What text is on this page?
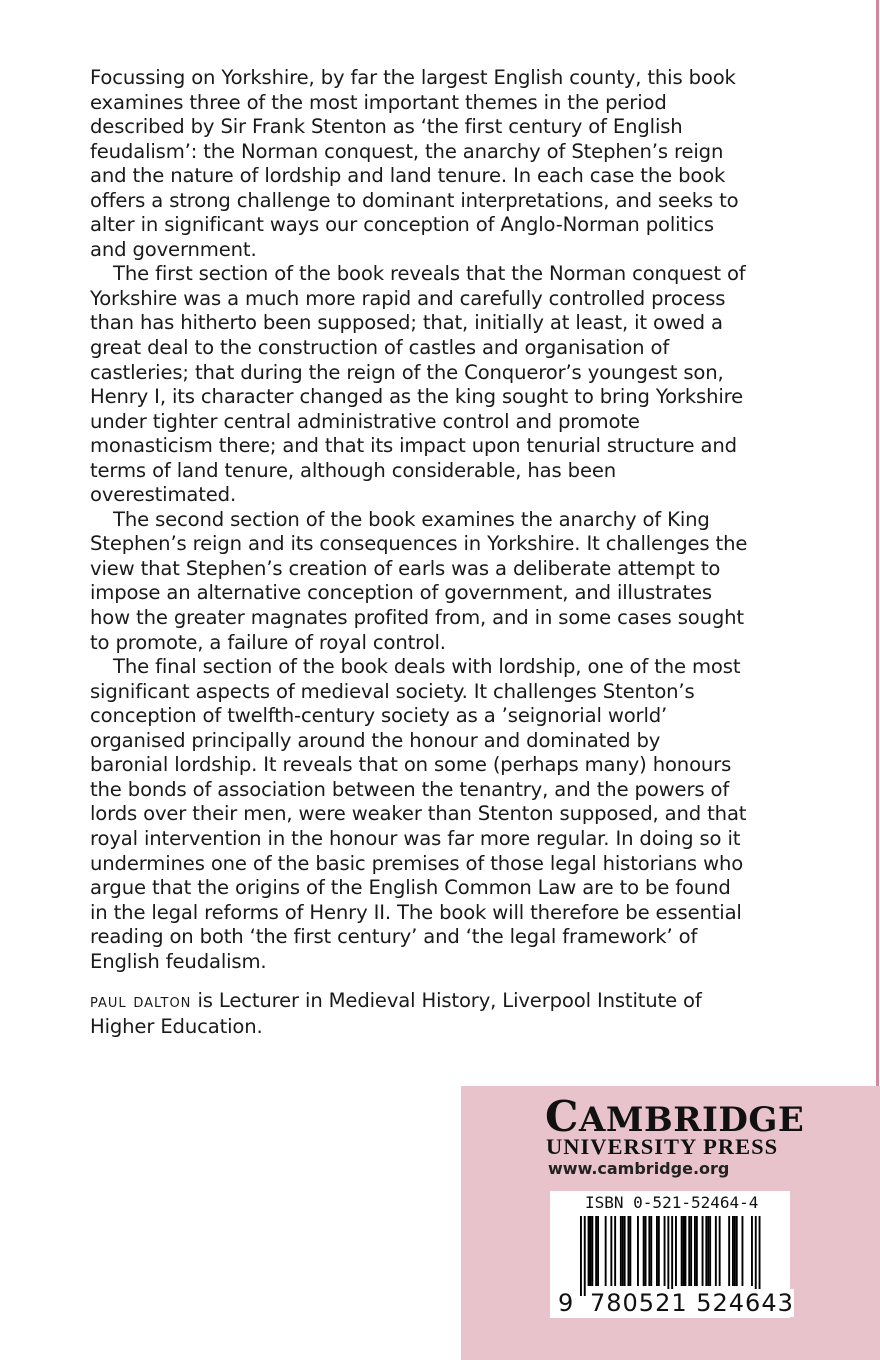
Focussing on Yorkshire, by far the largest English county, this book
examines three of the most important themes in the period
described by Sir Frank Stenton as ‘the first century of English
feudalism’: the Norman conquest, the anarchy of Stephen’s reign
and the nature of lordship and land tenure. In each case the book
offers a strong challenge to dominant interpretations, and seeks to
alter in significant ways our conception of Anglo-Norman politics
and government.
The first section of the book reveals that the Norman conquest of
Yorkshire was a much more rapid and carefully controlled process
than has hitherto been supposed; that, initially at least, it owed a
great deal to the construction of castles and organisation of
castleries; that during the reign of the Conqueror’s youngest son,
Henry I, its character changed as the king sought to bring Yorkshire
under tighter central administrative control and promote
monasticism there; and that its impact upon tenurial structure and
terms of land tenure, although considerable, has been
overestimated.
The second section of the book examines the anarchy of King
Stephen’s reign and its consequences in Yorkshire. It challenges the
view that Stephen’s creation of earls was a deliberate attempt to
impose an alternative conception of government, and illustrates
how the greater magnates profited from, and in some cases sought
to promote, a failure of royal control.
The final section of the book deals with lordship, one of the most
significant aspects of medieval society. It challenges Stenton’s
conception of twelfth-century society as a ’seignorial world’
organised principally around the honour and dominated by
baronial lordship. It reveals that on some (perhaps many) honours
the bonds of association between the tenantry, and the powers of
lords over their men, were weaker than Stenton supposed, and that
royal intervention in the honour was far more regular. In doing so it
undermines one of the basic premises of those legal historians who
argue that the origins of the English Common Law are to be found
in the legal reforms of Henry II. The book will therefore be essential
reading on both ‘the first century’ and ‘the legal framework’ of
English feudalism.
paul dalton is Lecturer in Medieval History, Liverpool Institute of
Higher Education.
CAMBRIDGE
UNIVERSITY PRESS
www.cambridge.org
ISBN 0-521-52464-4
9 780521 524643
